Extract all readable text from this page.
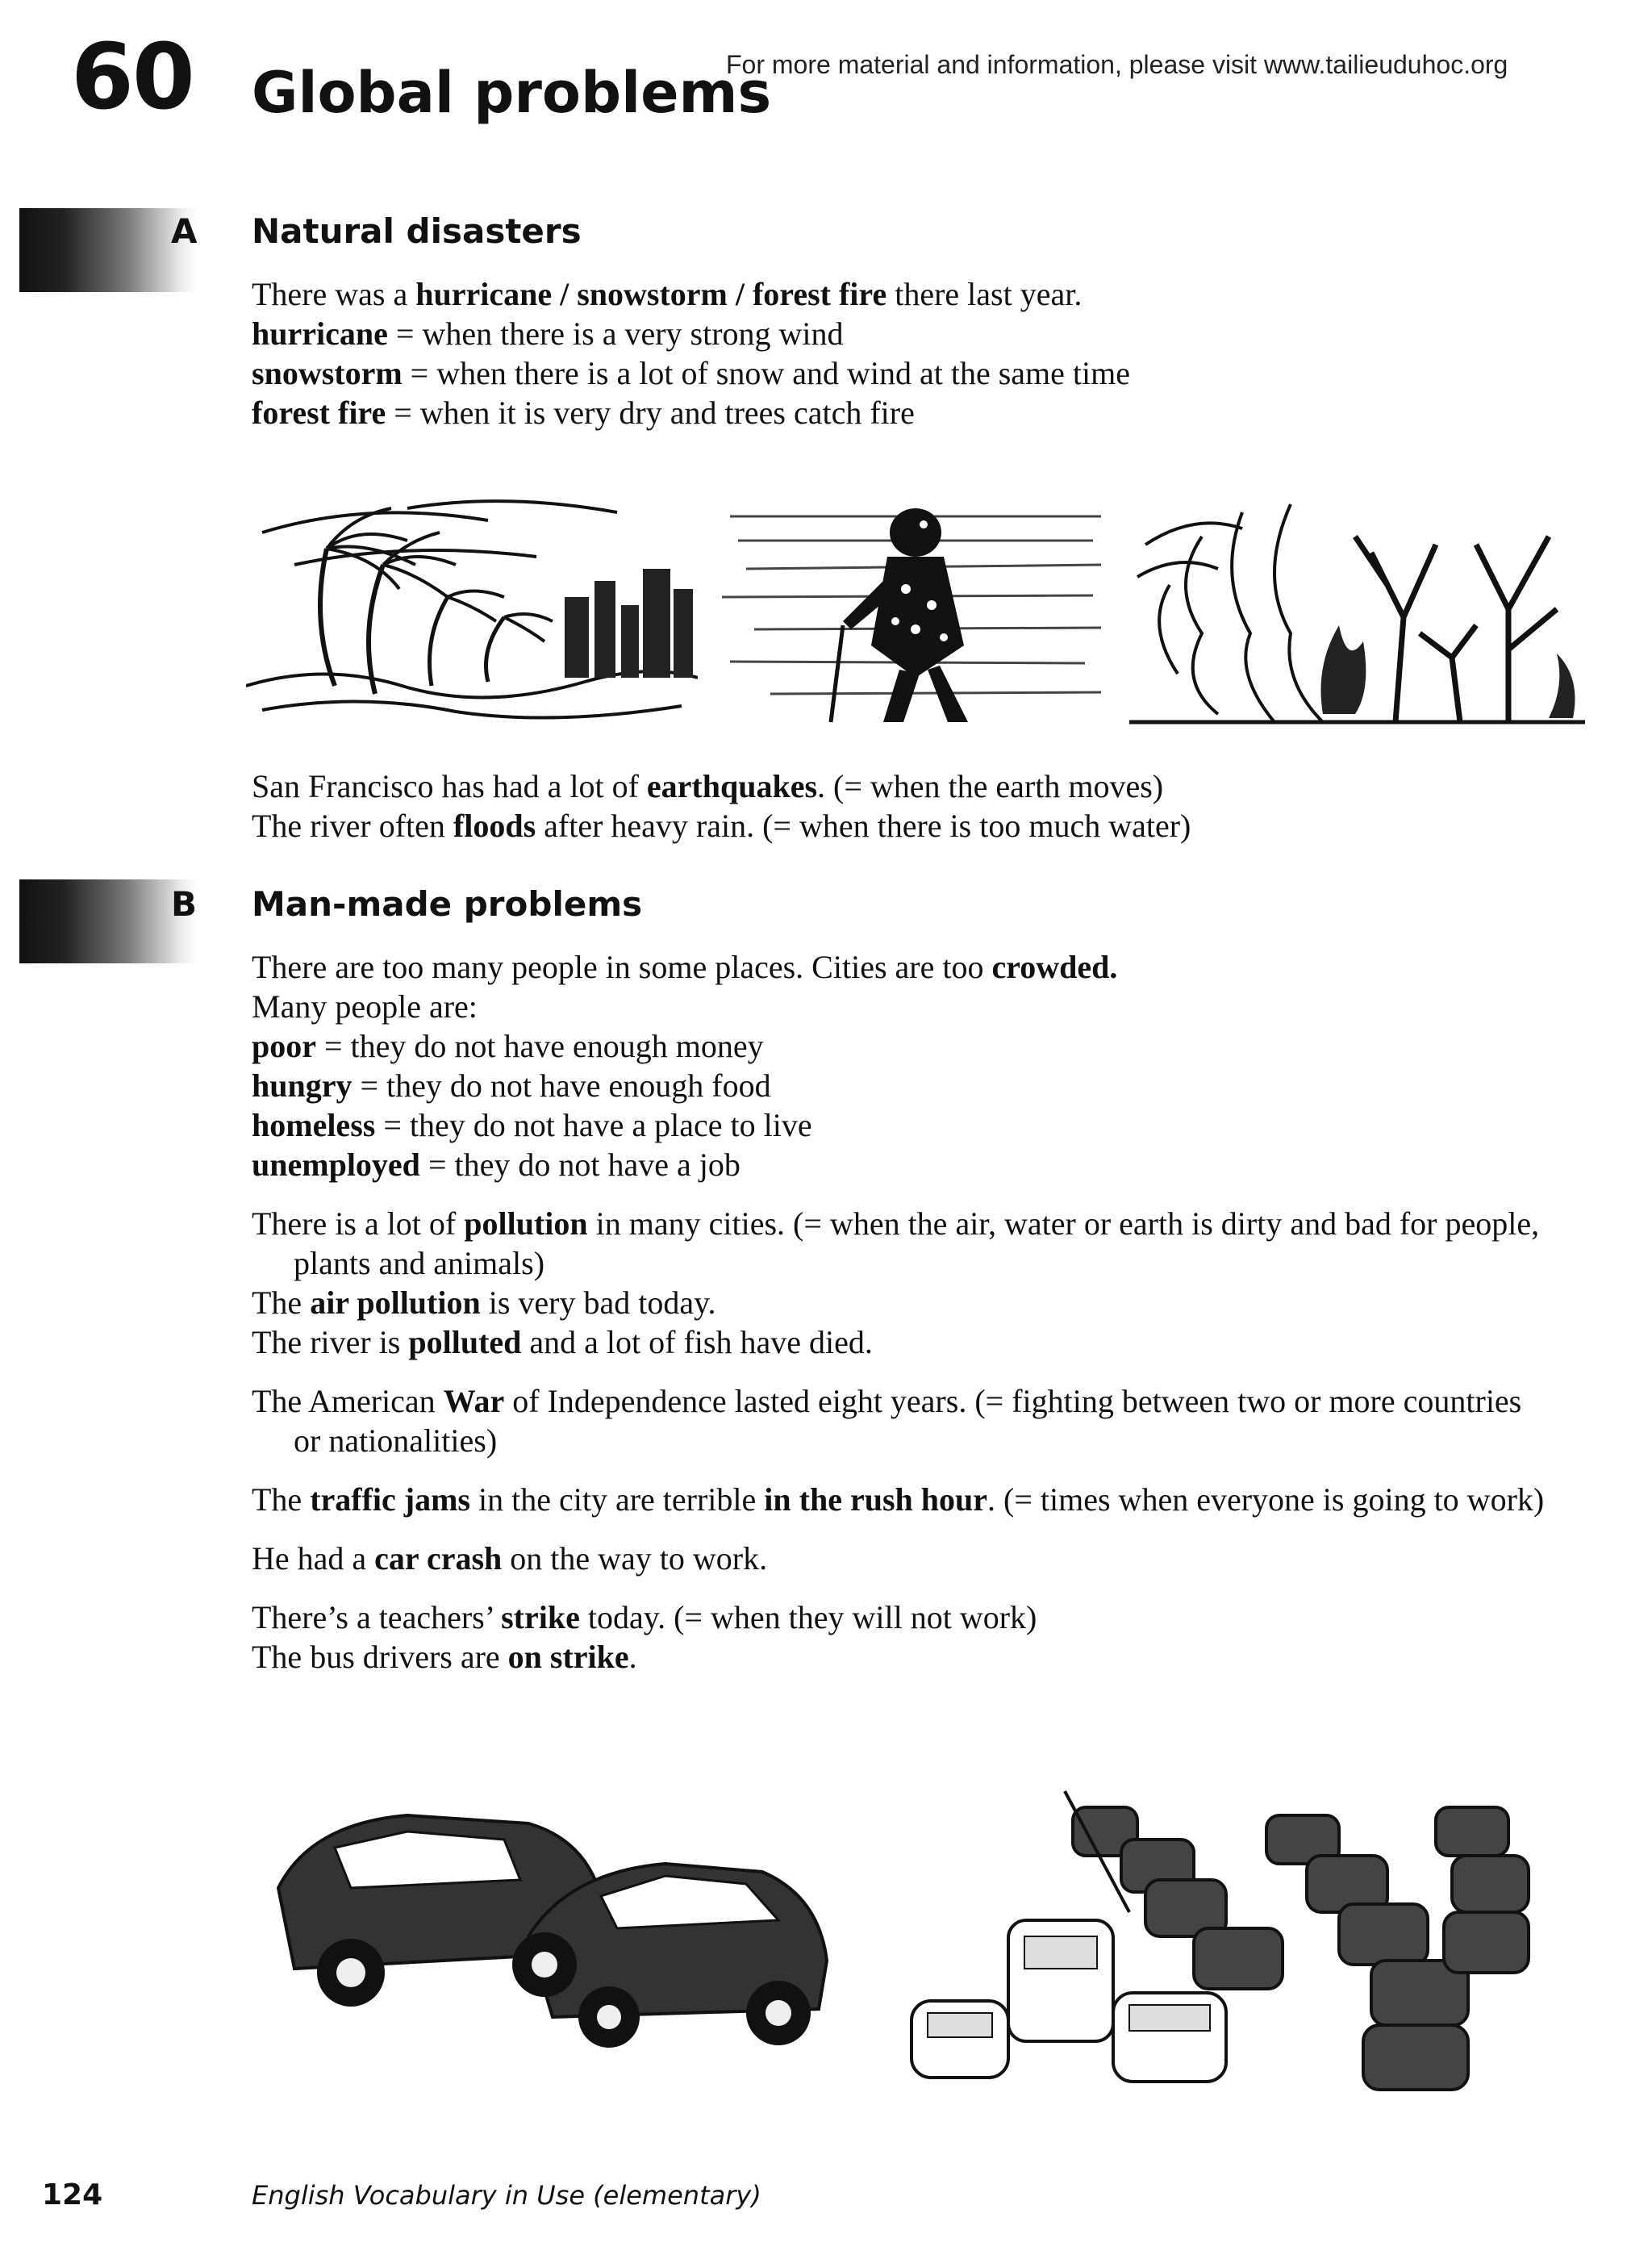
60 Global problems
For more material and information, please visit www.tailieuduhoc.org
A Natural disasters
There was a hurricane / snowstorm / forest fire there last year.
hurricane = when there is a very strong wind
snowstorm = when there is a lot of snow and wind at the same time
forest fire = when it is very dry and trees catch fire
San Francisco has had a lot of earthquakes. (= when the earth moves)
The river often floods after heavy rain. (= when there is too much water)
B Man-made problems
There are too many people in some places. Cities are too crowded.
Many people are:
poor = they do not have enough money
hungry = they do not have enough food
homeless = they do not have a place to live
unemployed = they do not have a job
There is a lot of pollution in many cities. (= when the air, water or earth is dirty and bad for people, plants and animals)
The air pollution is very bad today.
The river is polluted and a lot of fish have died.
The American War of Independence lasted eight years. (= fighting between two or more countries or nationalities)
The traffic jams in the city are terrible in the rush hour. (= times when everyone is going to work)
He had a car crash on the way to work.
There’s a teachers’ strike today. (= when they will not work)
The bus drivers are on strike.
124	English Vocabulary in Use (elementary)
